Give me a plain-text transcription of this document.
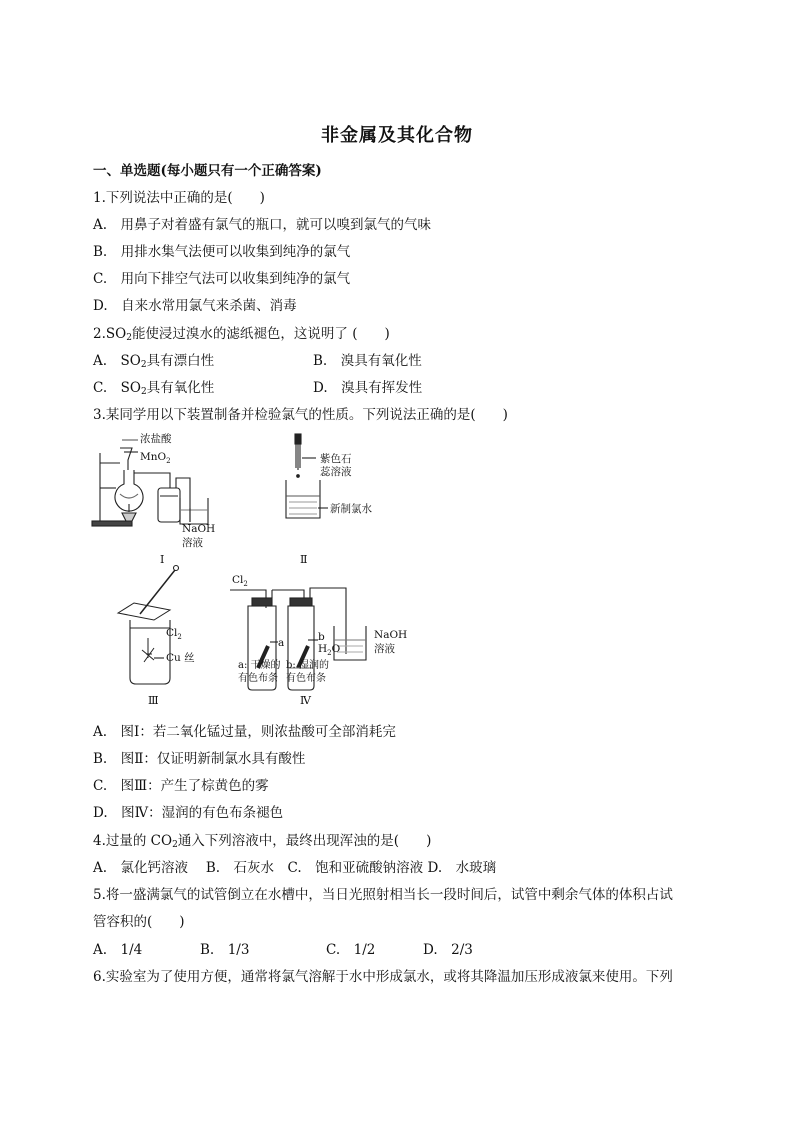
非金属及其化合物
一、单选题(每小题只有一个正确答案)
1.下列说法中正确的是(　　)
A.　用鼻子对着盛有氯气的瓶口，就可以嗅到氯气的气味
B.　用排水集气法便可以收集到纯净的氯气
C.　用向下排空气法可以收集到纯净的氯气
D.　自来水常用氯气来杀菌、消毒
$2.SO_2$能使浸过溴水的滤纸褪色，这说明了 (　　)
A.　$SO_2$具有漂白性	B.　溴具有氧化性
C.　$SO_2$具有氧化性	D.　溴具有挥发性
3.某同学用以下装置制备并检验氯气的性质。下列说法正确的是(　　)
浓盐酸
MnO$_2$
NaOH
溶液
Ⅰ
紫色石
蕊溶液
新制氯水
Ⅱ
$Cl_2$
Cu 丝
Ⅲ
$Cl_2$
a	b
$H_2O$
NaOH
溶液
a: 干燥的
有色布条
b: 湿润的
有色布条
Ⅳ
A.　图Ⅰ：若二氧化锰过量，则浓盐酸可全部消耗完
B.　图Ⅱ：仅证明新制氯水具有酸性
C.　图Ⅲ：产生了棕黄色的雾
D.　图Ⅳ：湿润的有色布条褪色
4.过量的 $CO_2$通入下列溶液中，最终出现浑浊的是(　　)
A.　氯化钙溶液　 B.　石灰水　C.　饱和亚硫酸钠溶液 D.　水玻璃
5.将一盛满氯气的试管倒立在水槽中，当日光照射相当长一段时间后，试管中剩余气体的体积占试
管容积的(　　)
A.　1/4	B.　1/3	C.　1/2	D.　2/3
6.实验室为了使用方便，通常将氯气溶解于水中形成氯水，或将其降温加压形成液氯来使用。下列
